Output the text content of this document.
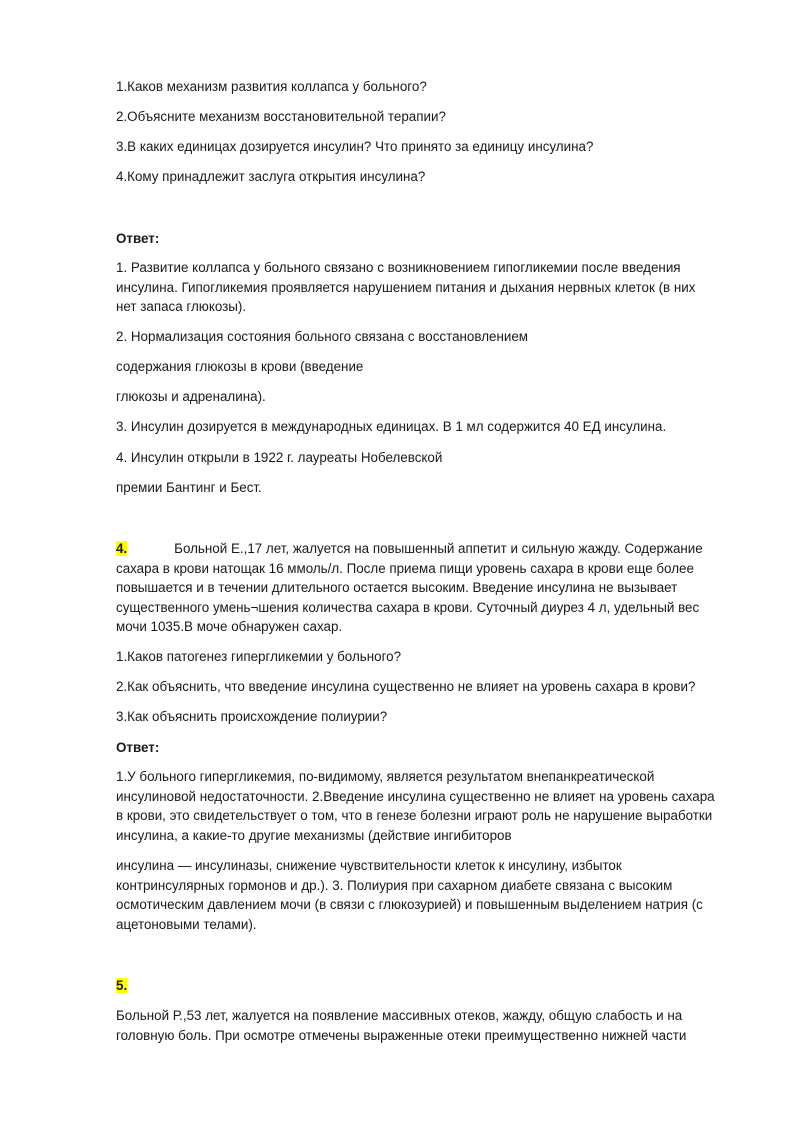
1.Каков механизм развития коллапса у больного?

2.Объясните механизм восстановительной терапии?

3.В каких единицах дозируется инсулин? Что принято за единицу инсулина?

4.Кому принадлежит заслуга открытия инсулина?

Ответ:

1. Развитие коллапса у больного связано с возникновением гипогликемии после введения инсулина. Гипогликемия проявляется нарушением питания и дыхания нервных клеток (в них нет запаса глюкозы).

2. Нормализация состояния больного связана с восстановлением

содержания глюкозы в крови (введение

глюкозы и адреналина).

3. Инсулин дозируется в международных единицах. В 1 мл содержится 40 ЕД инсулина.

4. Инсулин открыли в 1922 г. лауреаты Нобелевской

премии Бантинг и Бест.

4.	Больной Е.,17 лет, жалуется на повышенный аппетит и сильную жажду. Содержание сахара в крови натощак 16 ммоль/л. После приема пищи уровень сахара в крови еще более повышается и в течении длительного остается высоким. Введение инсулина не вызывает существенного умень¬шения количества сахара в крови. Суточный диурез 4 л, удельный вес мочи 1035.В моче обнаружен сахар.

1.Каков патогенез гипергликемии у больного?

2.Как объяснить, что введение инсулина существенно не влияет на уровень сахара в крови?

3.Как объяснить происхождение полиурии?

Ответ:

1.У больного гипергликемия, по-видимому, является результатом внепанкреатической инсулиновой недостаточности. 2.Введение инсулина существенно не влияет на уровень сахара в крови, это свидетельствует о том, что в генезе болезни играют роль не нарушение выработки инсулина, а какие-то другие механизмы (действие ингибиторов

инсулина — инсулиназы, снижение чувствительности клеток к инсулину, избыток контринсулярных гормонов и др.). 3. Полиурия при сахарном диабете связана с высоким осмотическим давлением мочи (в связи с глюкозурией) и повышенным выделением натрия (с ацетоновыми телами).

5.

Больной Р.,53 лет, жалуется на появление массивных отеков, жажду, общую слабость и на головную боль. При осмотре отмечены выраженные отеки преимущественно нижней части
